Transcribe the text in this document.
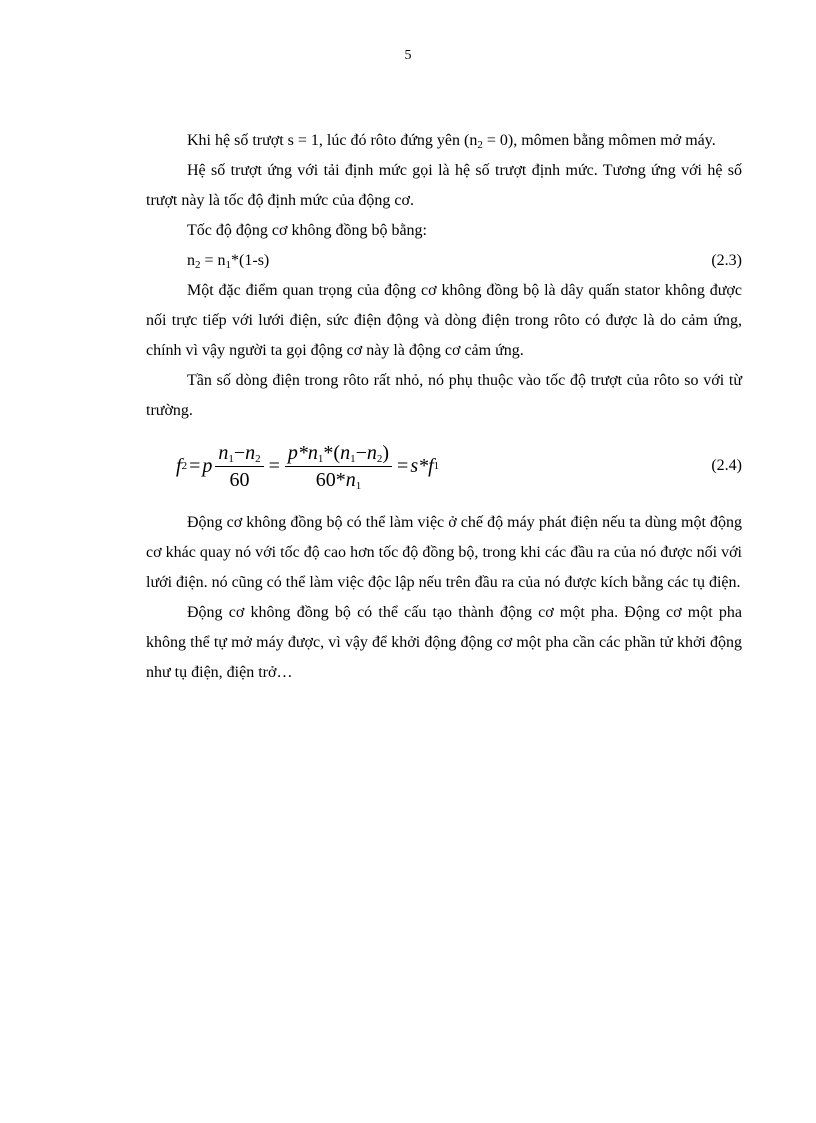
5

Khi hệ số trượt s = 1, lúc đó rôto đứng yên $(n_2 = 0)$, mômen bằng mômen mở máy.

Hệ số trượt ứng với tải định mức gọi là hệ số trượt định mức. Tương ứng với hệ số trượt này là tốc độ định mức của động cơ.

Tốc độ động cơ không đồng bộ bằng:

$n_2 = n_1*(1-s)$	(2.3)

Một đặc điểm quan trọng của động cơ không đồng bộ là dây quấn stator không được nối trực tiếp với lưới điện, sức điện động và dòng điện trong rôto có được là do cảm ứng, chính vì vậy người ta gọi động cơ này là động cơ cảm ứng.

Tần số dòng điện trong rôto rất nhỏ, nó phụ thuộc vào tốc độ trượt của rôto so với từ trường.

f 2 = p $\frac{n_1-n_2}{60} = \frac{p*n_1*(n_1-n_2)}{60*n_1} = s*$ f 1	(2.4)

Động cơ không đồng bộ có thể làm việc ở chế độ máy phát điện nếu ta dùng một động cơ khác quay nó với tốc độ cao hơn tốc độ đồng bộ, trong khi các đầu ra của nó được nối với lưới điện. nó cũng có thể làm việc độc lập nếu trên đầu ra của nó được kích bằng các tụ điện.

Động cơ không đồng bộ có thể cấu tạo thành động cơ một pha. Động cơ một pha không thể tự mở máy được, vì vậy để khởi động động cơ một pha cần các phần tử khởi động như tụ điện, điện trở…
